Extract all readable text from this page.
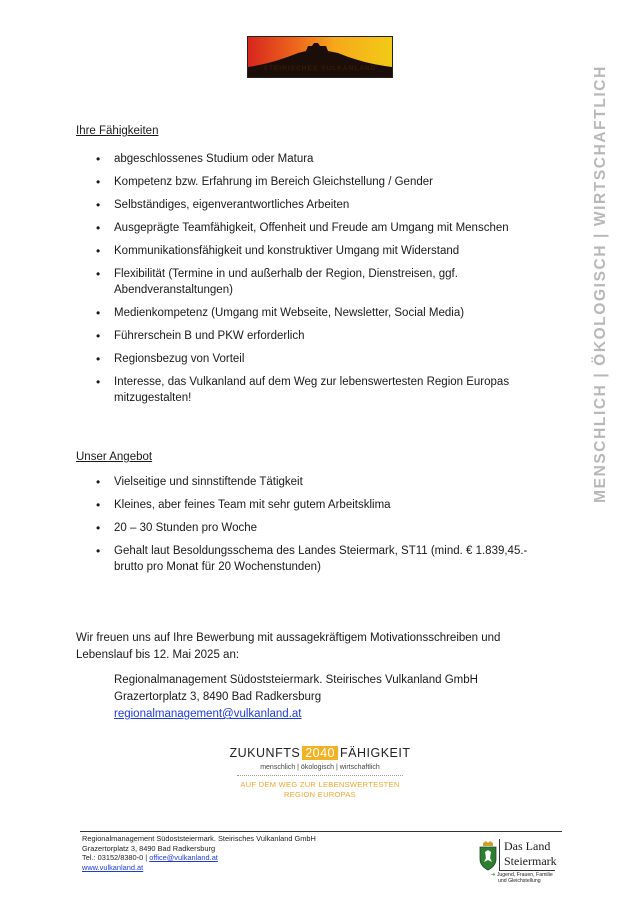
STEIRISCHES VULKANLAND	MENSCHLICH | ÖKOLOGISCH | WIRTSCHAFTLICH
Ihre Fähigkeiten
• abgeschlossenes Studium oder Matura
• Kompetenz bzw. Erfahrung im Bereich Gleichstellung / Gender
• Selbständiges, eigenverantwortliches Arbeiten
• Ausgeprägte Teamfähigkeit, Offenheit und Freude am Umgang mit Menschen
• Kommunikationsfähigkeit und konstruktiver Umgang mit Widerstand
• Flexibilität (Termine in und außerhalb der Region, Dienstreisen, ggf. Abendveranstaltungen)
• Medienkompetenz (Umgang mit Webseite, Newsletter, Social Media)
• Führerschein B und PKW erforderlich
• Regionsbezug von Vorteil
• Interesse, das Vulkanland auf dem Weg zur lebenswertesten Region Europas mitzugestalten!
Unser Angebot
• Vielseitige und sinnstiftende Tätigkeit
• Kleines, aber feines Team mit sehr gutem Arbeitsklima
• 20 – 30 Stunden pro Woche
• Gehalt laut Besoldungsschema des Landes Steiermark, ST11 (mind. € 1.839,45.- brutto pro Monat für 20 Wochenstunden)

Wir freuen uns auf Ihre Bewerbung mit aussagekräftigem Motivationsschreiben und Lebenslauf bis 12. Mai 2025 an:

Regionalmanagement Südoststeiermark. Steirisches Vulkanland GmbH
Grazertorplatz 3, 8490 Bad Radkersburg
regionalmanagement@vulkanland.at
ZUKUNFTS 2040 FÄHIGKEIT
menschlich | ökologisch | wirtschaftlich
AUF DEM WEG ZUR LEBENSWERTESTEN
REGION EUROPAS
Regionalmanagement Südoststeiermark. Steirisches Vulkanland GmbH
Grazertorplatz 3, 8490 Bad Radkersburg
Tel.: 03152/8380-0 | office@vulkanland.at
www.vulkanland.at
Das Land
Steiermark
➔ Jugend, Frauen, Familie
und Gleichstellung
